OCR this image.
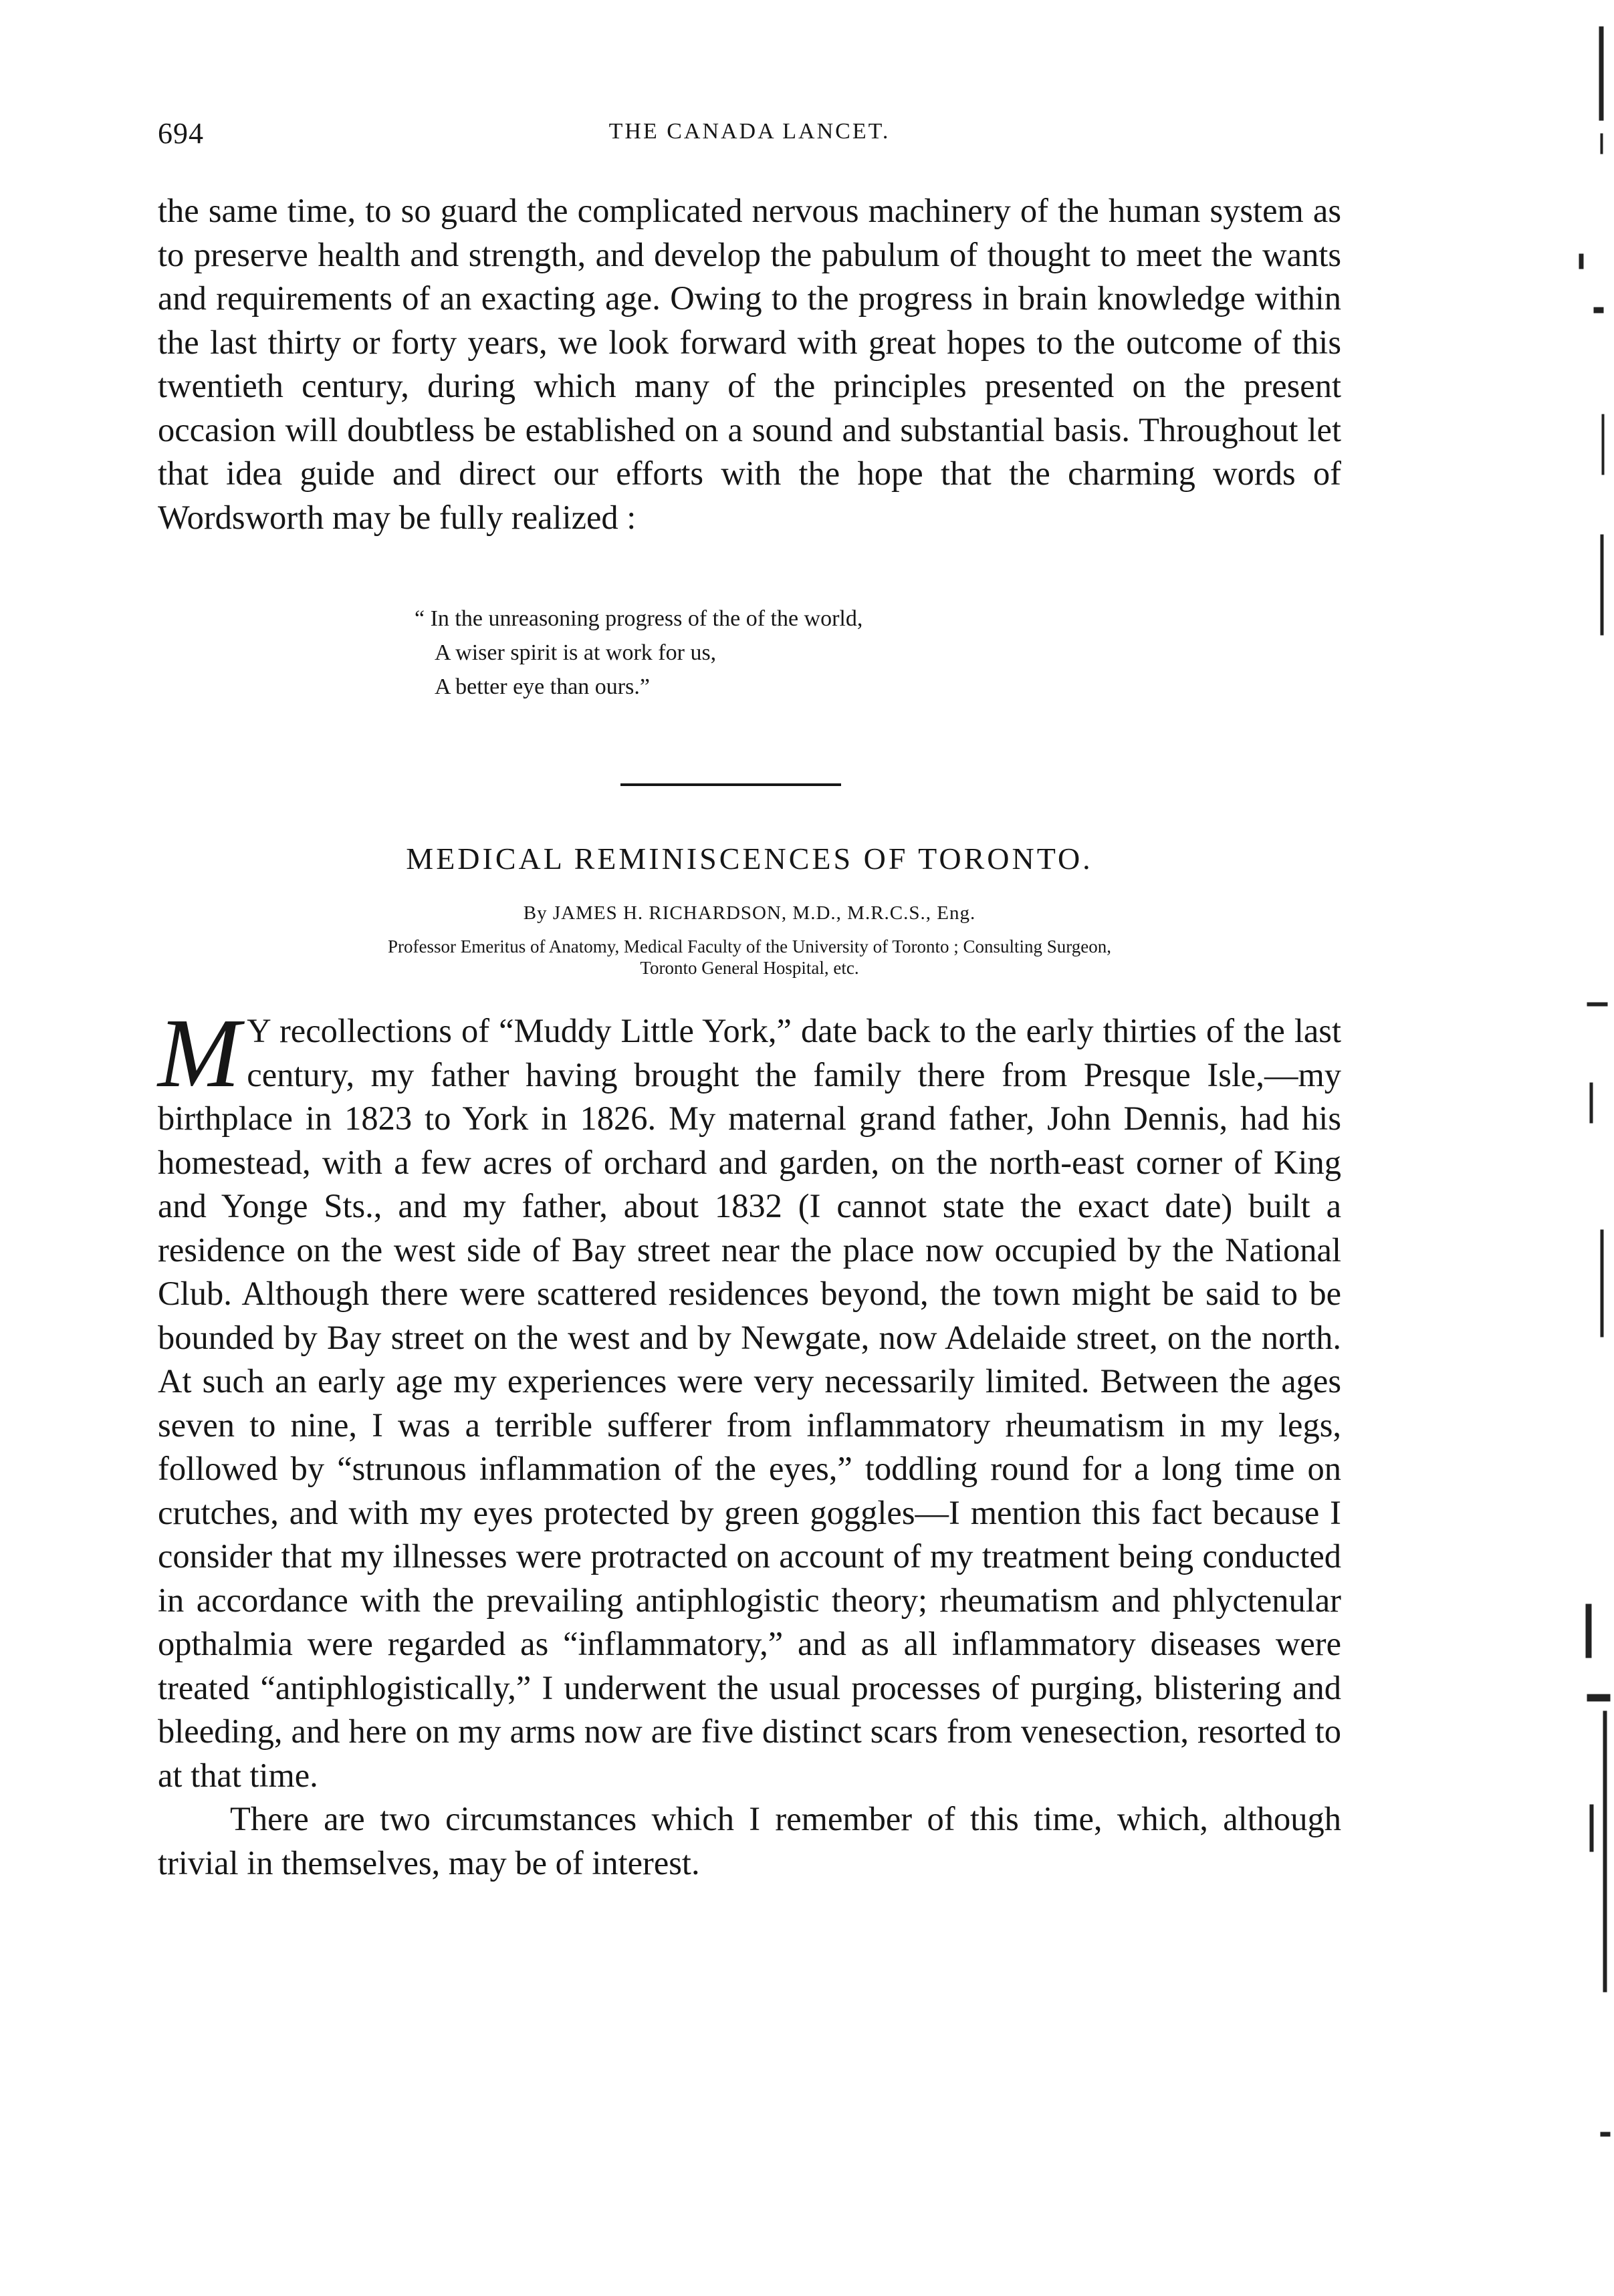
694	THE CANADA LANCET.

the same time, to so guard the complicated nervous machinery of the human system as to preserve health and strength, and develop the pabulum of thought to meet the wants and requirements of an exacting age. Owing to the progress in brain knowledge within the last thirty or forty years, we look forward with great hopes to the outcome of this twentieth century, during which many of the principles presented on the present occasion will doubtless be established on a sound and substantial basis. Throughout let that idea guide and direct our efforts with the hope that the charming words of Wordsworth may be fully realized :

“ In the unreasoning progress of the of the world,
A wiser spirit is at work for us,
A better eye than ours.”
MEDICAL REMINISCENCES OF TORONTO.
By JAMES H. RICHARDSON, M.D., M.R.C.S., Eng.
Professor Emeritus of Anatomy, Medical Faculty of the University of Toronto ; Consulting Surgeon,
Toronto General Hospital, etc.

M Y recollections of “Muddy Little York,” date back to the early thirties of the last century, my father having brought the family there from Presque Isle,—my birthplace in 1823 to York in 1826. My maternal grand father, John Dennis, had his homestead, with a few acres of orchard and garden, on the north-east corner of King and Yonge Sts., and my father, about 1832 (I cannot state the exact date) built a residence on the west side of Bay street near the place now occupied by the National Club. Although there were scattered residences beyond, the town might be said to be bounded by Bay street on the west and by Newgate, now Adelaide street, on the north. At such an early age my experiences were very necessarily limited. Between the ages seven to nine, I was a terrible sufferer from inflammatory rheumatism in my legs, followed by “strunous inflammation of the eyes,” toddling round for a long time on crutches, and with my eyes protected by green goggles—I mention this fact because I consider that my illnesses were protracted on account of my treatment being conducted in accordance with the prevailing antiphlogistic theory; rheumatism and phlyctenular opthalmia were regarded as “inflammatory,” and as all inflammatory diseases were treated “antiphlogistically,” I underwent the usual processes of purging, blistering and bleeding, and here on my arms now are five distinct scars from venesection, resorted to at that time.

There are two circumstances which I remember of this time, which, although trivial in themselves, may be of interest.
